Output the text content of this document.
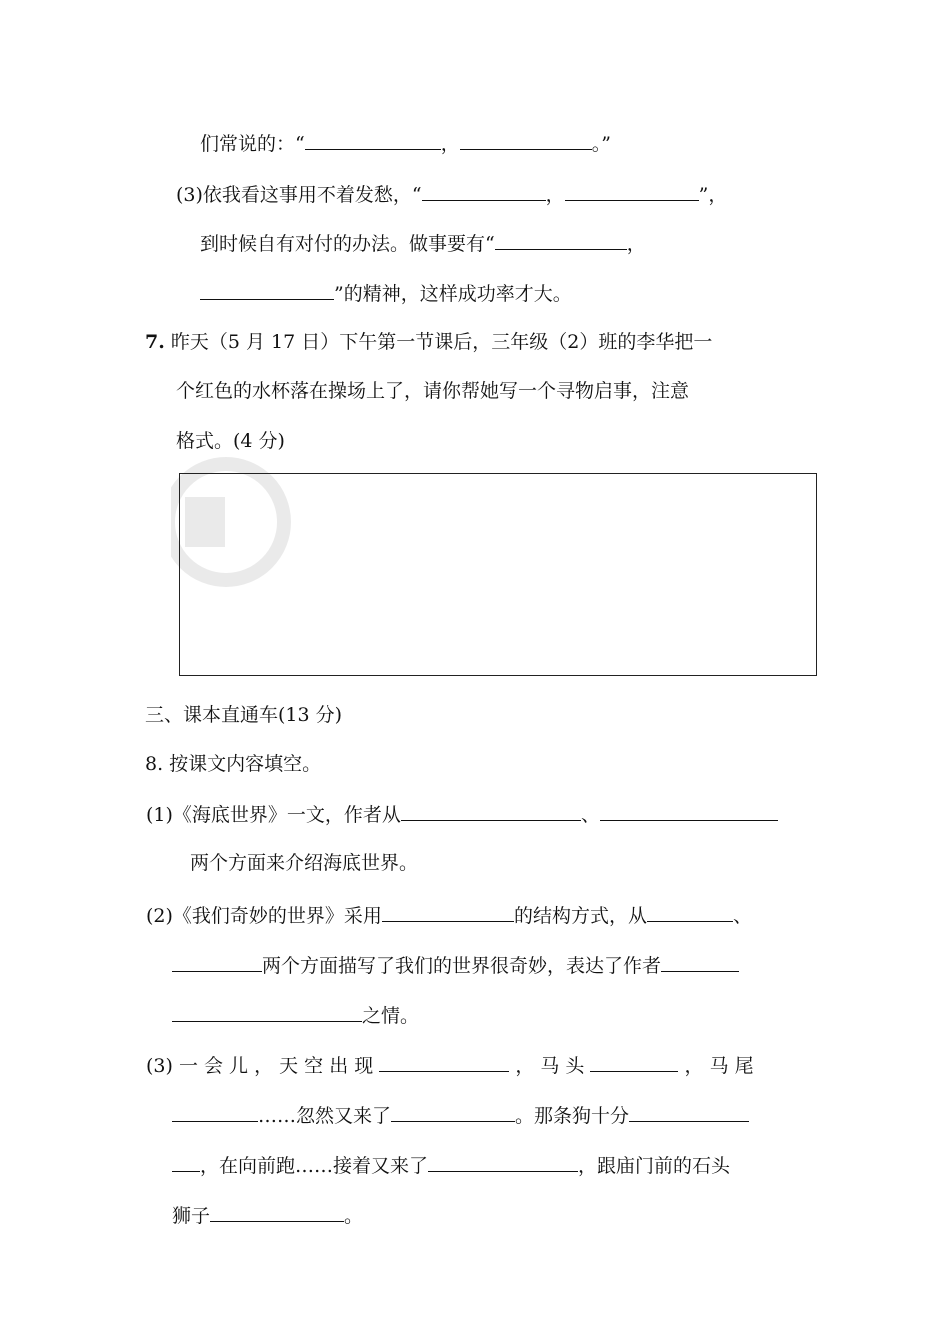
们常说的：“	，	。”
(3)依我看这事用不着发愁，“	，	”，
到时候自有对付的办法。做事要有“	，
”的精神，这样成功率才大。
7. 昨天（5 月 17 日）下午第一节课后，三年级（2）班的李华把一
个红色的水杯落在操场上了，请你帮她写一个寻物启事，注意
格式。(4 分)
三、课本直通车(13 分)
8. 按课文内容填空。
(1)《海底世界》一文，作者从	、
两个方面来介绍海底世界。
(2)《我们奇妙的世界》采用	的结构方式，从	、
两个方面描写了我们的世界很奇妙，表达了作者
之情。
(3) 一 会 儿 ， 天 空 出 现	， 马 头	， 马 尾
……忽然又来了	。那条狗十分
，在向前跑……接着又来了	，跟庙门前的石头
狮子	。
